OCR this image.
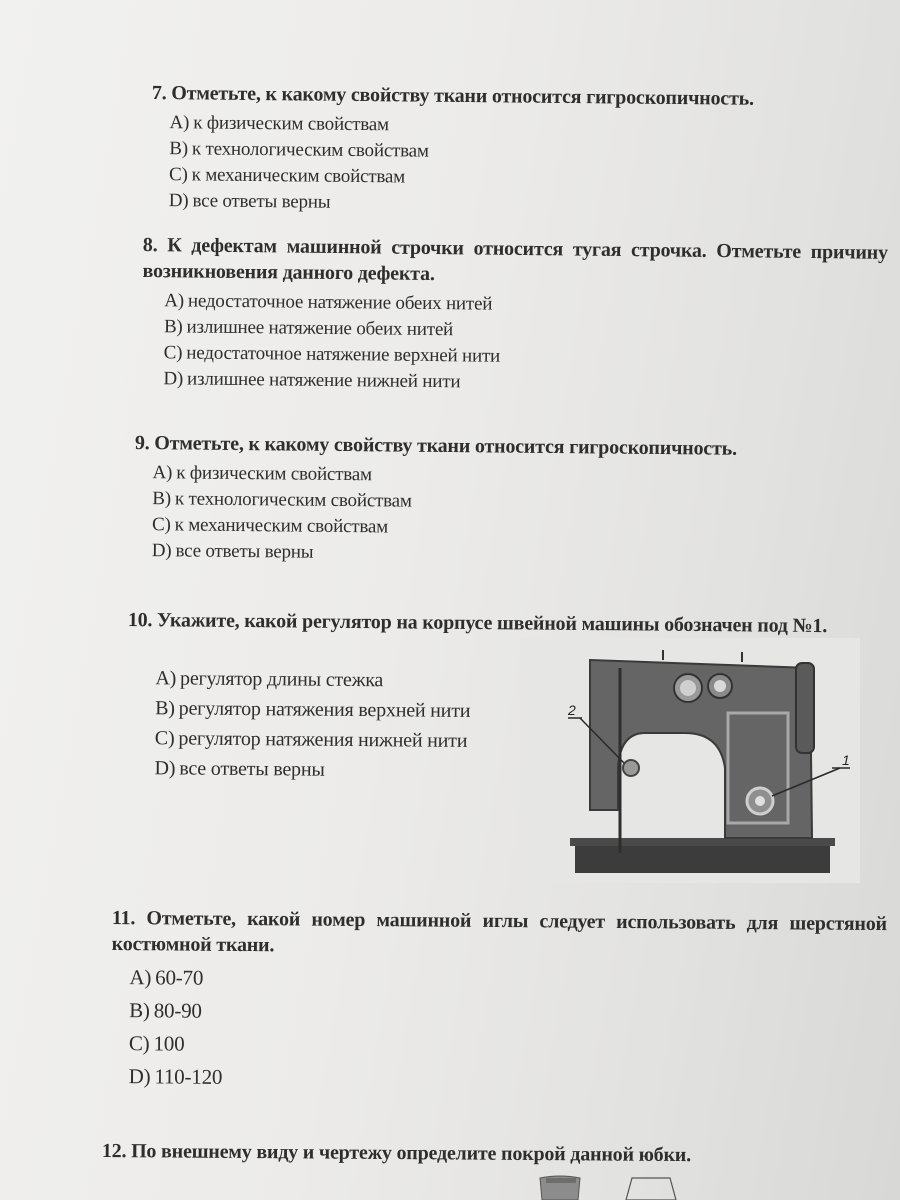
7. Отметьте, к какому свойству ткани относится гигроскопичность.

A) к физическим свойствам
B) к технологическим свойствам
C) к механическим свойствам
D) все ответы верны

8. К дефектам машинной строчки относится тугая строчка. Отметьте причину возникновения данного дефекта.

A) недостаточное натяжение обеих нитей
B) излишнее натяжение обеих нитей
C) недостаточное натяжение верхней нити
D) излишнее натяжение нижней нити

9. Отметьте, к какому свойству ткани относится гигроскопичность.

A) к физическим свойствам
B) к технологическим свойствам
C) к механическим свойствам
D) все ответы верны

10. Укажите, какой регулятор на корпусе швейной машины обозначен под №1.

A) регулятор длины стежка
B) регулятор натяжения верхней нити
C) регулятор натяжения нижней нити
D) все ответы верны
2
1

11. Отметьте, какой номер машинной иглы следует использовать для шерстяной костюмной ткани.

A) 60-70
B) 80-90
C) 100
D) 110-120

12. По внешнему виду и чертежу определите покрой данной юбки.
